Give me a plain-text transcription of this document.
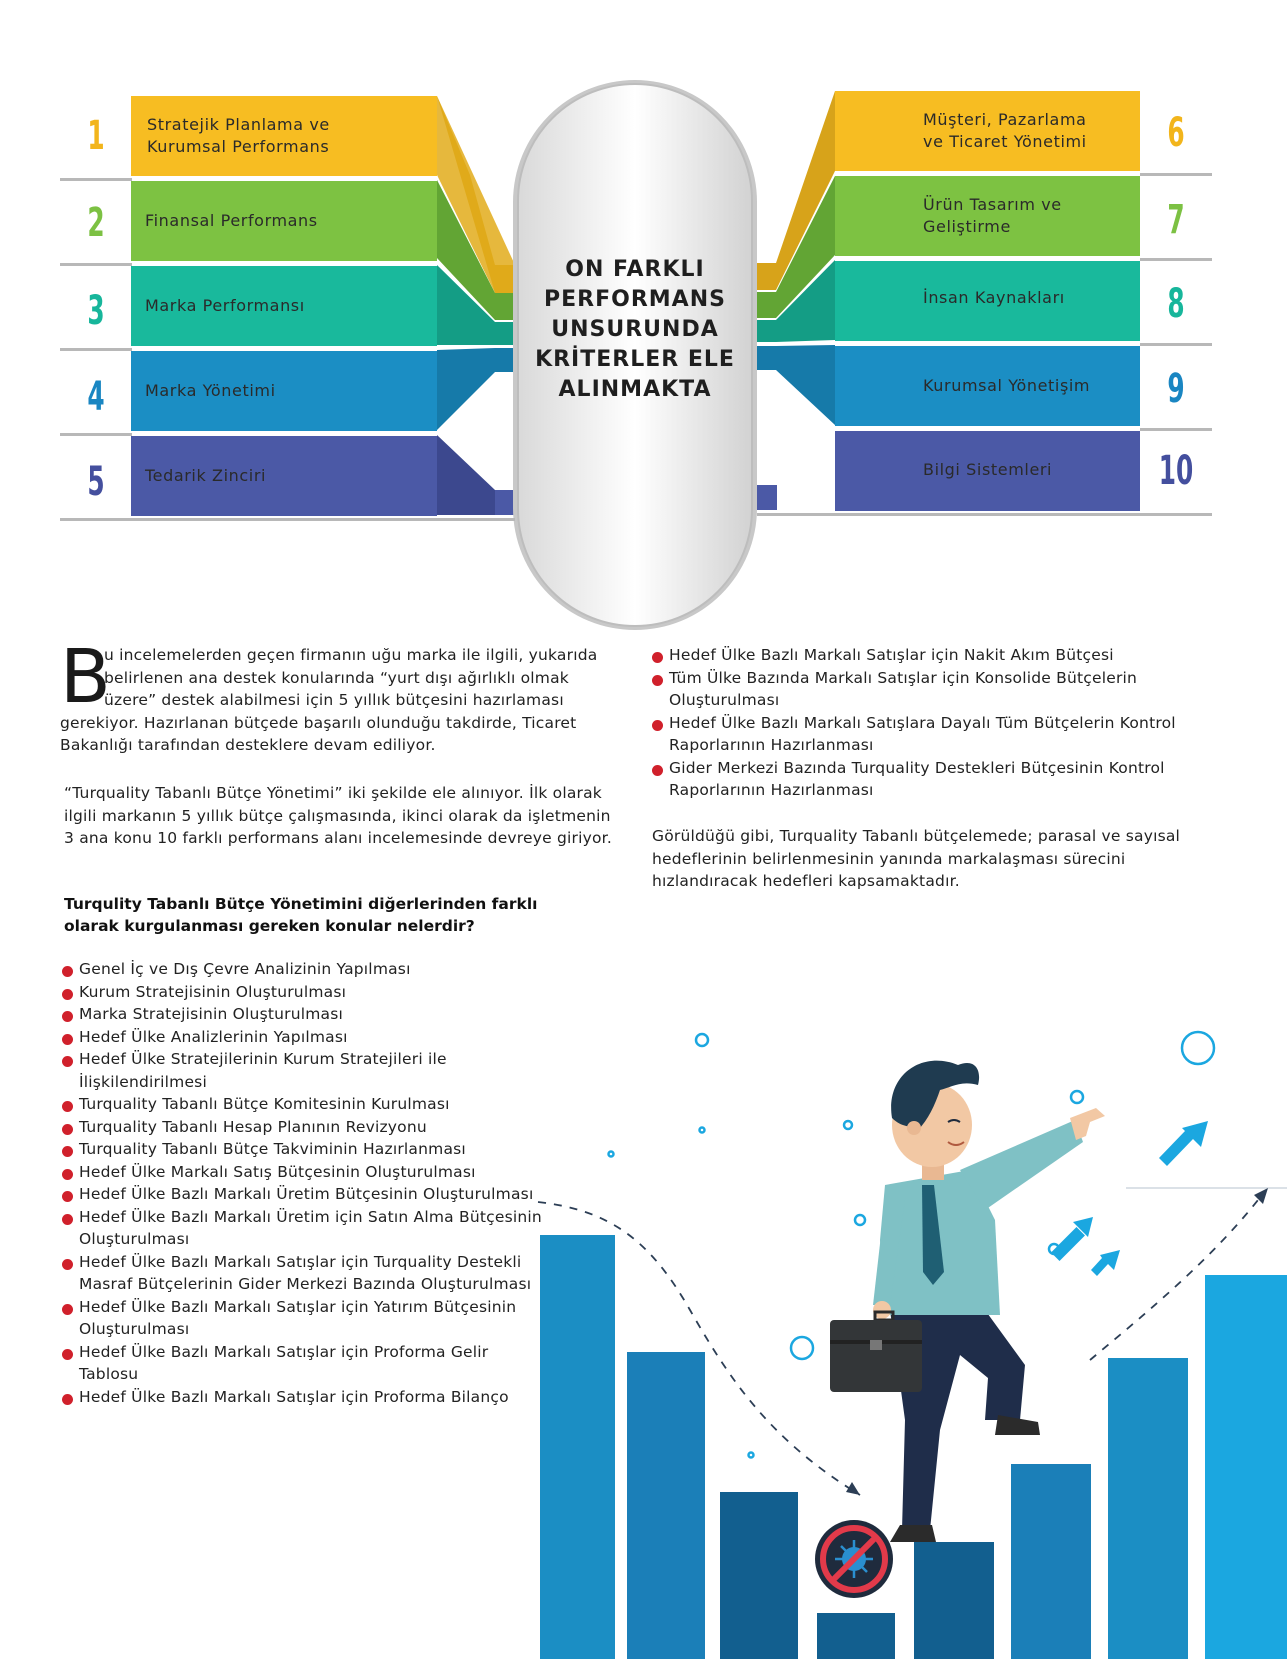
Stratejik Planlama ve Kurumsal Performans
Finansal Performans
Marka Performansı
Marka Yönetimi
Tedarik Zinciri
1
2
3
4
5
Müşteri, Pazarlama ve Ticaret Yönetimi
Ürün Tasarım ve Geliştirme
İnsan Kaynakları
Kurumsal Yönetişim
Bilgi Sistemleri
6
7
8
9
10
ON FARKLI PERFORMANS UNSURUNDA KRİTERLER ELE ALINMAKTA
B
u incelemelerden geçen firmanın uğu marka ile ilgili, yukarıda belirlenen ana destek konularında “yurt dışı ağırlıklı olmak üzere” destek alabilmesi için 5 yıllık bütçesini hazırlaması gerekiyor. Hazırlanan bütçede başarılı olunduğu takdirde, Ticaret Bakanlığı tarafından desteklere devam ediliyor.
“Turquality Tabanlı Bütçe Yönetimi” iki şekilde ele alınıyor. İlk olarak ilgili markanın 5 yıllık bütçe çalışmasında, ikinci olarak da işletmenin 3 ana konu 10 farklı performans alanı incelemesinde devreye giriyor.
Turqulity Tabanlı Bütçe Yönetimini diğerlerinden farklı olarak kurgulanması gereken konular nelerdir?
Genel İç ve Dış Çevre Analizinin Yapılması
Kurum Stratejisinin Oluşturulması
Marka Stratejisinin Oluşturulması
Hedef Ülke Analizlerinin Yapılması
Hedef Ülke Stratejilerinin Kurum Stratejileri ile İlişkilendirilmesi
Turquality Tabanlı Bütçe Komitesinin Kurulması
Turquality Tabanlı Hesap Planının Revizyonu
Turquality Tabanlı Bütçe Takviminin Hazırlanması
Hedef Ülke Markalı Satış Bütçesinin Oluşturulması
Hedef Ülke Bazlı Markalı Üretim Bütçesinin Oluşturulması
Hedef Ülke Bazlı Markalı Üretim için Satın Alma Bütçesinin Oluşturulması
Hedef Ülke Bazlı Markalı Satışlar için Turquality Destekli Masraf Bütçelerinin Gider Merkezi Bazında Oluşturulması
Hedef Ülke Bazlı Markalı Satışlar için Yatırım Bütçesinin Oluşturulması
Hedef Ülke Bazlı Markalı Satışlar için Proforma Gelir Tablosu
Hedef Ülke Bazlı Markalı Satışlar için Proforma Bilanço
Hedef Ülke Bazlı Markalı Satışlar için Nakit Akım Bütçesi
Tüm Ülke Bazında Markalı Satışlar için Konsolide Bütçelerin Oluşturulması
Hedef Ülke Bazlı Markalı Satışlara Dayalı Tüm Bütçelerin Kontrol Raporlarının Hazırlanması
Gider Merkezi Bazında Turquality Destekleri Bütçesinin Kontrol Raporlarının Hazırlanması
Görüldüğü gibi, Turquality Tabanlı bütçelemede; parasal ve sayısal hedeflerinin belirlenmesinin yanında markalaşması sürecini hızlandıracak hedefleri kapsamaktadır.
